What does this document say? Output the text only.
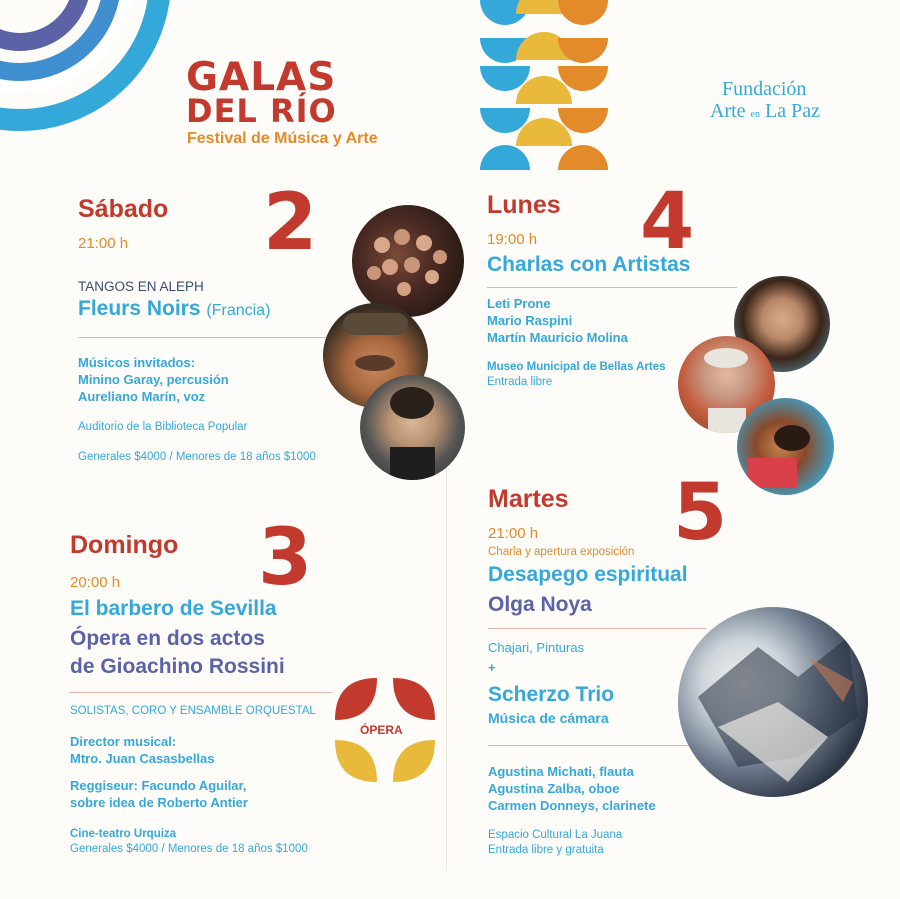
GALAS
DEL RÍO
Festival de Música y Arte
Fundación
Arte en La Paz
Sábado 2
21:00 h
TANGOS EN ALEPH
Fleurs Noirs (Francia)
Músicos invitados:
Minino Garay, percusión
Aureliano Marín, voz
Auditorio de la Biblioteca Popular
Generales $4000 / Menores de 18 años $1000
Domingo 3
20:00 h
El barbero de Sevilla
Ópera en dos actos
de Gioachino Rossini
SOLISTAS, CORO Y ENSAMBLE ORQUESTAL
Director musical:
Mtro. Juan Casasbellas
Reggiseur: Facundo Aguilar,
sobre idea de Roberto Antier
Cine-teatro Urquiza
Generales $4000 / Menores de 18 años $1000
ÓPERA
Lunes 4
19:00 h
Charlas con Artistas
Leti Prone
Mario Raspini
Martín Mauricio Molina
Museo Municipal de Bellas Artes
Entrada libre
Martes 5
21:00 h
Charla y apertura exposición
Desapego espiritual
Olga Noya
Chajari, Pinturas
+
Scherzo Trio
Música de cámara
Agustina Michati, flauta
Agustina Zalba, oboe
Carmen Donneys, clarinete
Espacio Cultural La Juana
Entrada libre y gratuita
